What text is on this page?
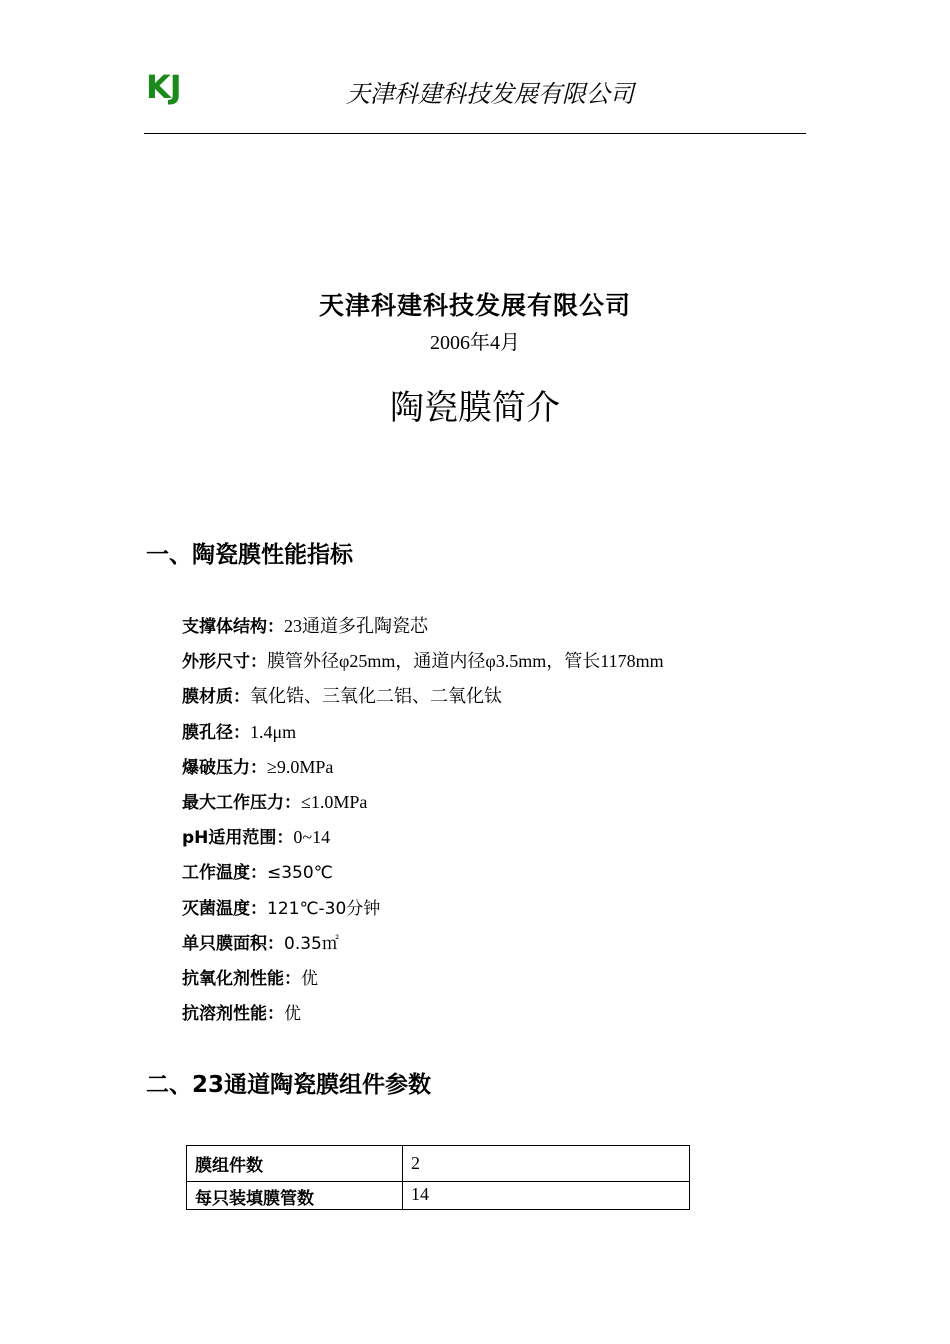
KJ	天津科建科技发展有限公司
天津科建科技发展有限公司
2006年4月
陶瓷膜简介
一、陶瓷膜性能指标
支撑体结构：23通道多孔陶瓷芯
外形尺寸：膜管外径φ25mm，通道内径φ3.5mm，管长1178mm
膜材质：氧化锆、三氧化二铝、二氧化钛
膜孔径：1.4μm
爆破压力：≥9.0MPa
最大工作压力：≤1.0MPa
pH适用范围：0~14
工作温度：≤350℃
灭菌温度：121℃-30分钟
单只膜面积：0.35㎡
抗氧化剂性能：优
抗溶剂性能：优
二、23通道陶瓷膜组件参数
膜组件数	2
每只装填膜管数	14
